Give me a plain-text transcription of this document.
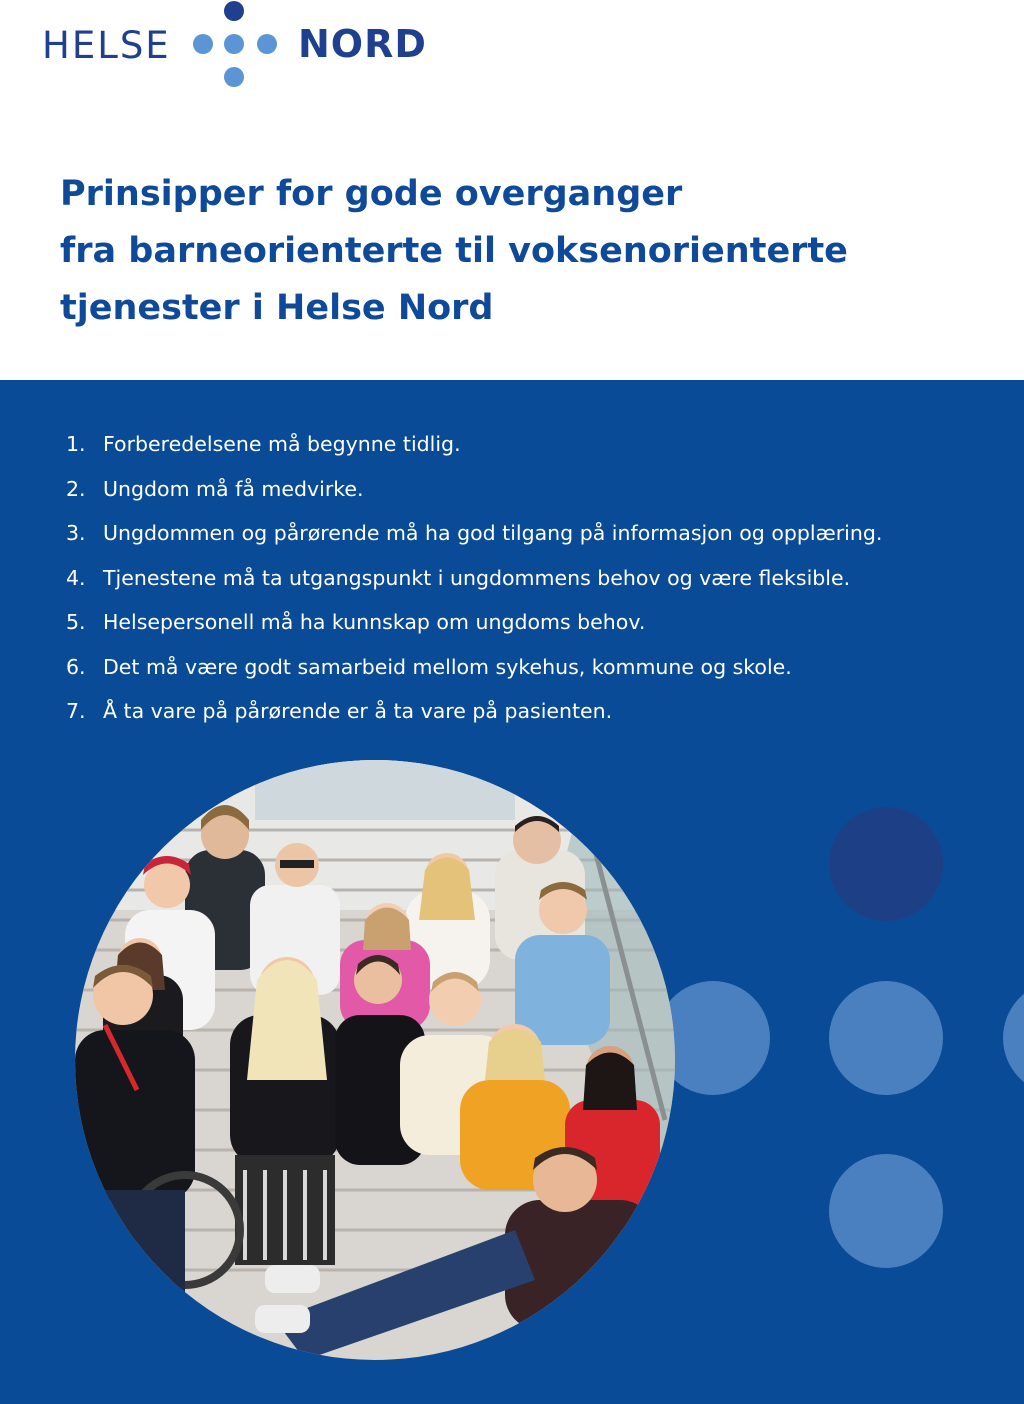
HELSE	NORD
Prinsipper for gode overganger
fra barneorienterte til voksenorienterte
tjenester i Helse Nord
1. Forberedelsene må begynne tidlig.
2. Ungdom må få medvirke.
3. Ungdommen og pårørende må ha god tilgang på informasjon og opplæring.
4. Tjenestene må ta utgangspunkt i ungdommens behov og være fleksible.
5. Helsepersonell må ha kunnskap om ungdoms behov.
6. Det må være godt samarbeid mellom sykehus, kommune og skole.
7. Å ta vare på pårørende er å ta vare på pasienten.
